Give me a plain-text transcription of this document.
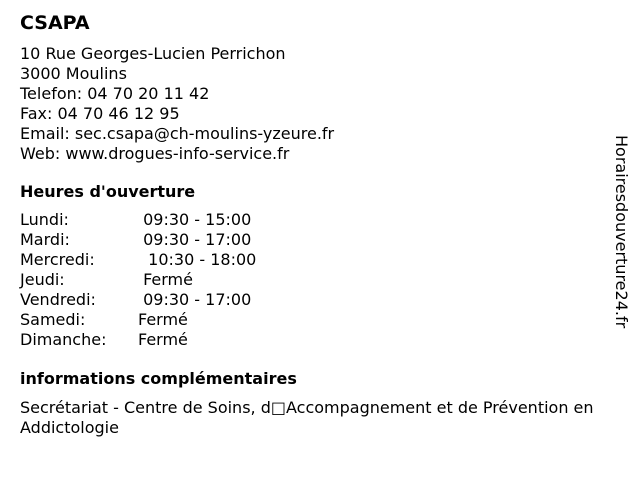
CSAPA
10 Rue Georges-Lucien Perrichon
3000 Moulins
Telefon: 04 70 20 11 42
Fax: 04 70 46 12 95
Email: sec.csapa@ch-moulins-yzeure.fr
Web: www.drogues-info-service.fr
Heures d'ouverture
Lundi:	09:30 - 15:00
Mardi:	09:30 - 17:00
Mercredi:	10:30 - 18:00
Jeudi:	Fermé
Vendredi:	09:30 - 17:00
Samedi:	Fermé
Dimanche: Fermé
informations complémentaires
Secrétariat - Centre de Soins, d□Accompagnement et de Prévention en Addictologie
Horairesdouverture24.fr
